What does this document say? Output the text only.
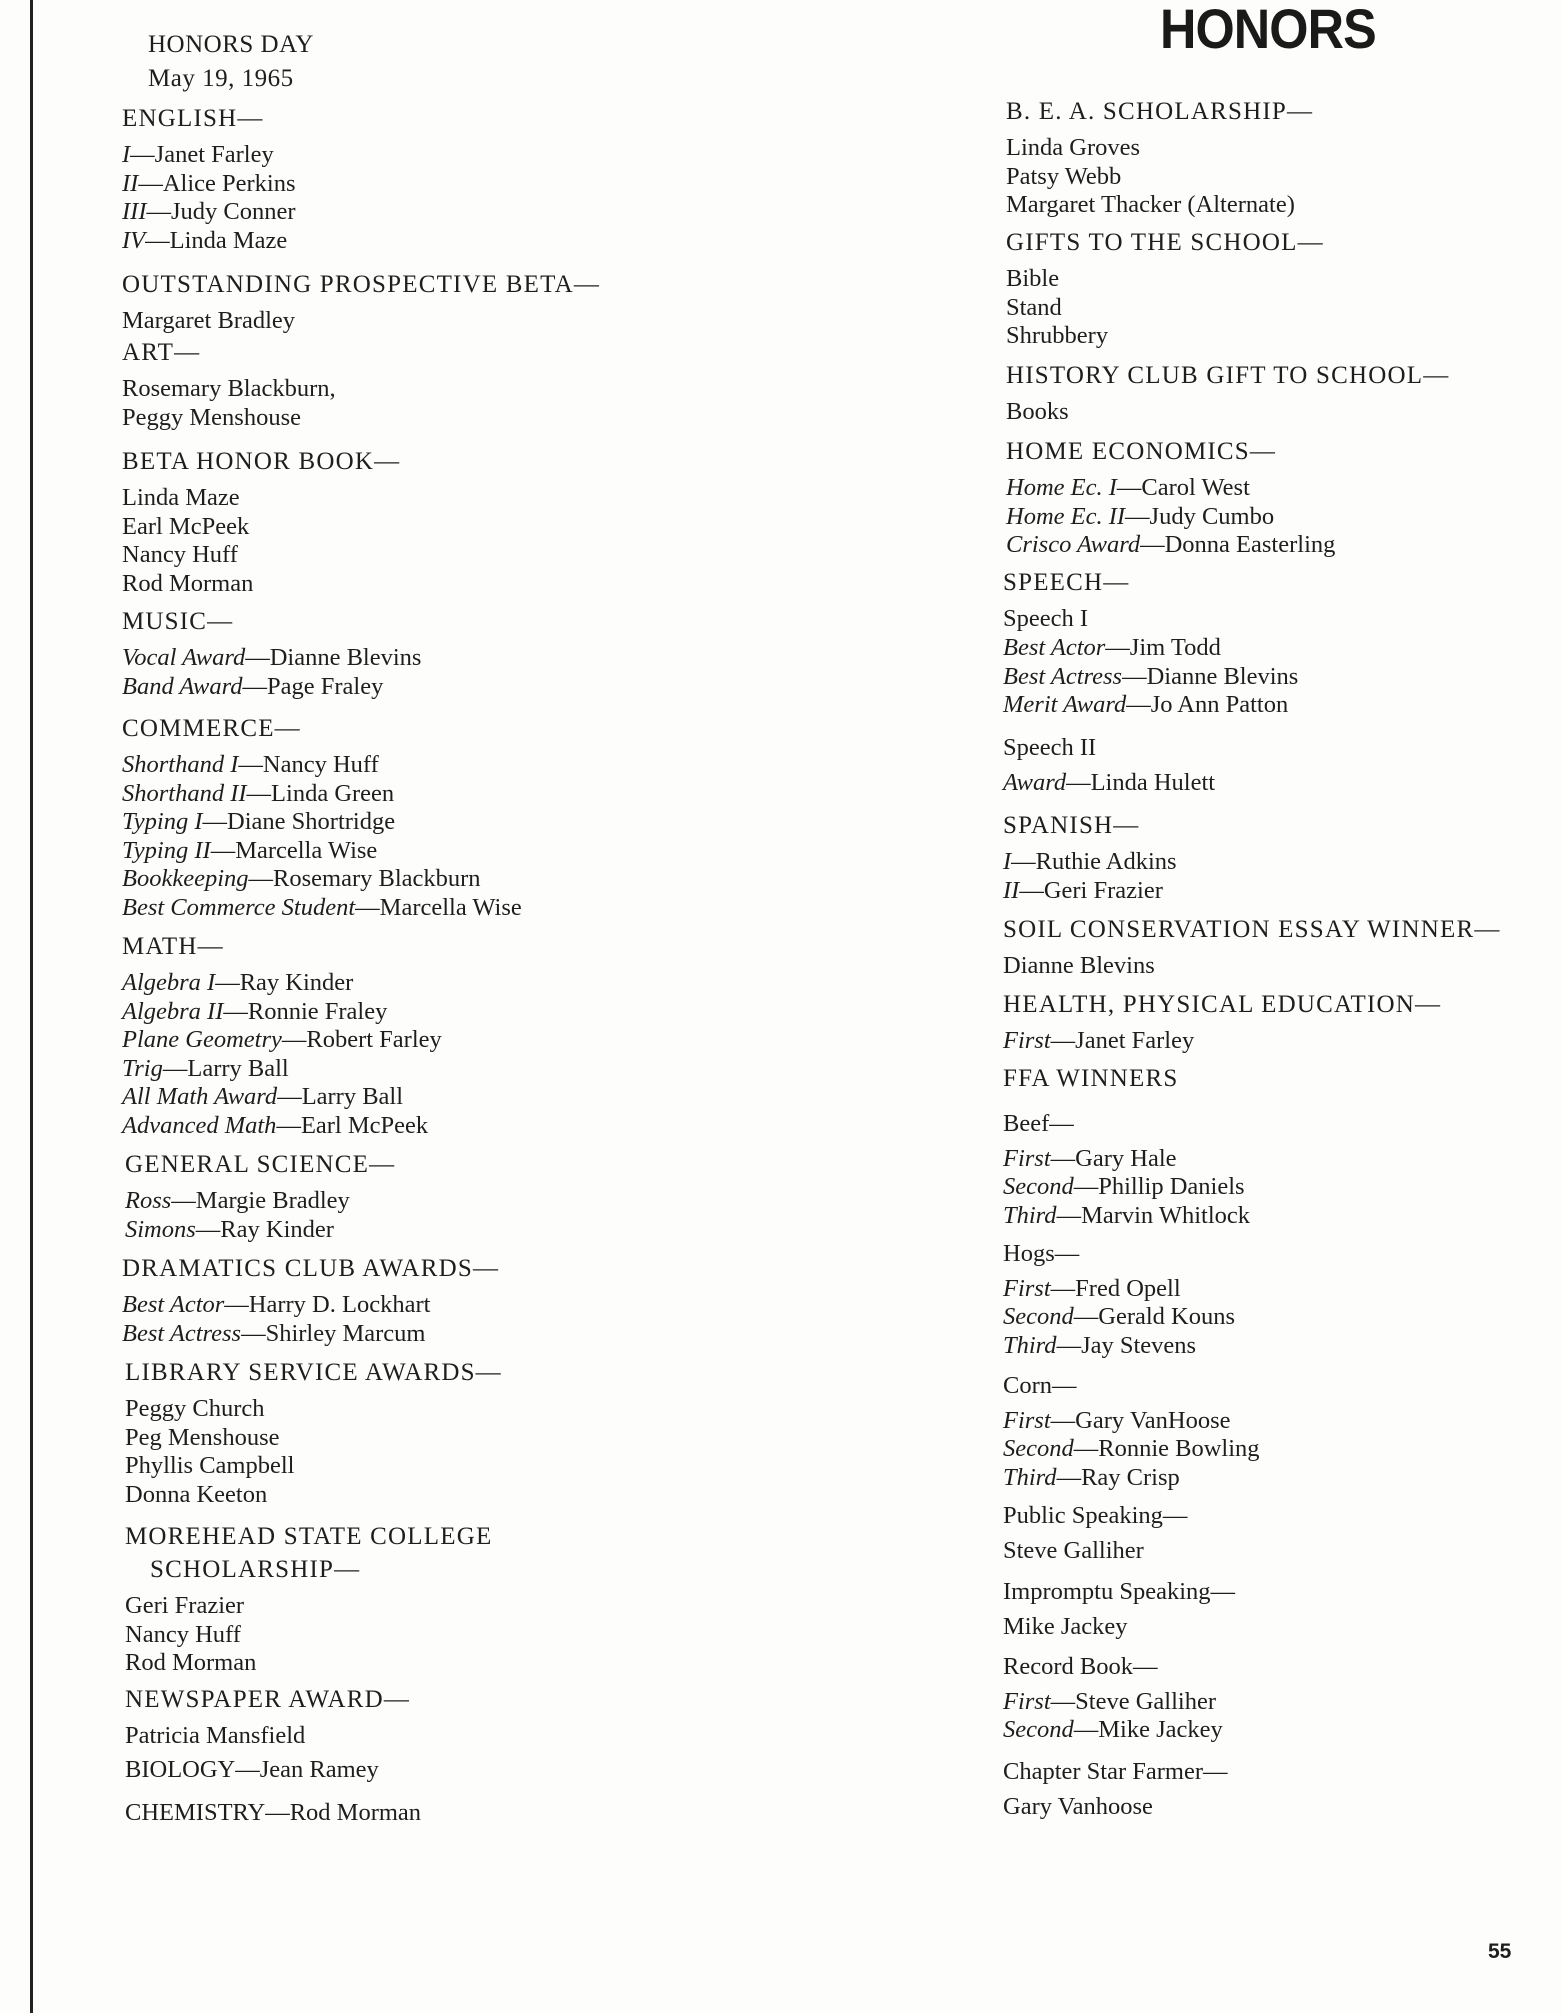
HONORS DAY
May 19, 1965
HONORS
ENGLISH—
I—Janet Farley
II—Alice Perkins
III—Judy Conner
IV—Linda Maze
OUTSTANDING PROSPECTIVE BETA—
Margaret Bradley
ART—
Rosemary Blackburn,
Peggy Menshouse
BETA HONOR BOOK—
Linda Maze
Earl McPeek
Nancy Huff
Rod Morman
MUSIC—
Vocal Award—Dianne Blevins
Band Award—Page Fraley
COMMERCE—
Shorthand I—Nancy Huff
Shorthand II—Linda Green
Typing I—Diane Shortridge
Typing II—Marcella Wise
Bookkeeping—Rosemary Blackburn
Best Commerce Student—Marcella Wise
MATH—
Algebra I—Ray Kinder
Algebra II—Ronnie Fraley
Plane Geometry—Robert Farley
Trig—Larry Ball
All Math Award—Larry Ball
Advanced Math—Earl McPeek
GENERAL SCIENCE—
Ross—Margie Bradley
Simons—Ray Kinder
DRAMATICS CLUB AWARDS—
Best Actor—Harry D. Lockhart
Best Actress—Shirley Marcum
LIBRARY SERVICE AWARDS—
Peggy Church
Peg Menshouse
Phyllis Campbell
Donna Keeton
MOREHEAD STATE COLLEGE
SCHOLARSHIP—
Geri Frazier
Nancy Huff
Rod Morman
NEWSPAPER AWARD—
Patricia Mansfield
BIOLOGY—Jean Ramey
CHEMISTRY—Rod Morman
B. E. A. SCHOLARSHIP—
Linda Groves
Patsy Webb
Margaret Thacker (Alternate)
GIFTS TO THE SCHOOL—
Bible
Stand
Shrubbery
HISTORY CLUB GIFT TO SCHOOL—
Books
HOME ECONOMICS—
Home Ec. I—Carol West
Home Ec. II—Judy Cumbo
Crisco Award—Donna Easterling
SPEECH—
Speech I
Best Actor—Jim Todd
Best Actress—Dianne Blevins
Merit Award—Jo Ann Patton
Speech II
Award—Linda Hulett
SPANISH—
I—Ruthie Adkins
II—Geri Frazier
SOIL CONSERVATION ESSAY WINNER—
Dianne Blevins
HEALTH, PHYSICAL EDUCATION—
First—Janet Farley
FFA WINNERS
Beef—
First—Gary Hale
Second—Phillip Daniels
Third—Marvin Whitlock
Hogs—
First—Fred Opell
Second—Gerald Kouns
Third—Jay Stevens
Corn—
First—Gary VanHoose
Second—Ronnie Bowling
Third—Ray Crisp
Public Speaking—
Steve Galliher
Impromptu Speaking—
Mike Jackey
Record Book—
First—Steve Galliher
Second—Mike Jackey
Chapter Star Farmer—
Gary Vanhoose
55
